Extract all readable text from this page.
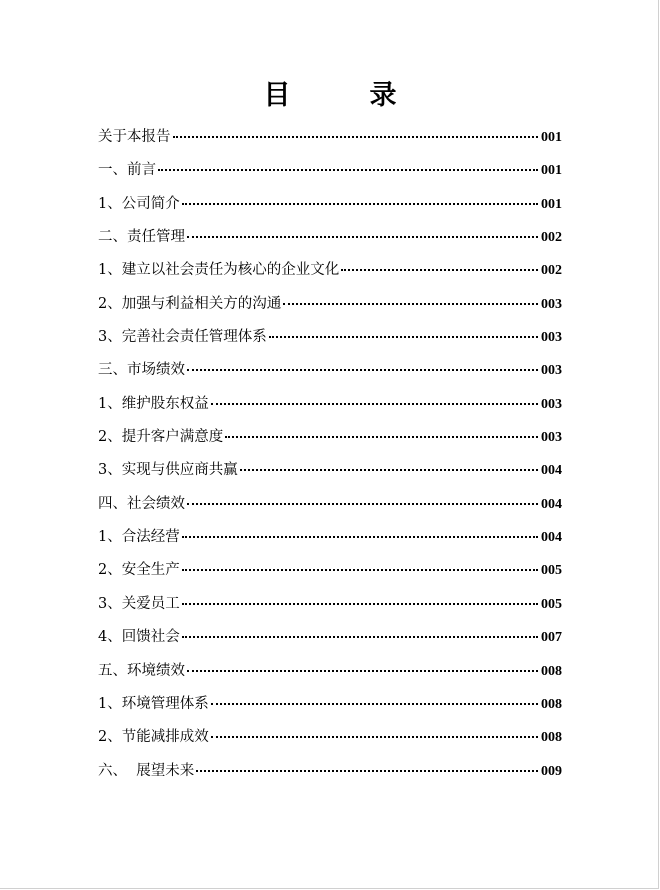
目　录
关于本报告	001
一、前言	001
1、公司简介	001
二、责任管理	002
1、建立以社会责任为核心的企业文化	002
2、加强与利益相关方的沟通	003
3、完善社会责任管理体系	003
三、市场绩效	003
1、维护股东权益	003
2、提升客户满意度	003
3、实现与供应商共赢	004
四、社会绩效	004
1、合法经营	004
2、安全生产	005
3、关爱员工	005
4、回馈社会	007
五、环境绩效	008
1、环境管理体系	008
2、节能减排成效	008
六、  展望未来	009
